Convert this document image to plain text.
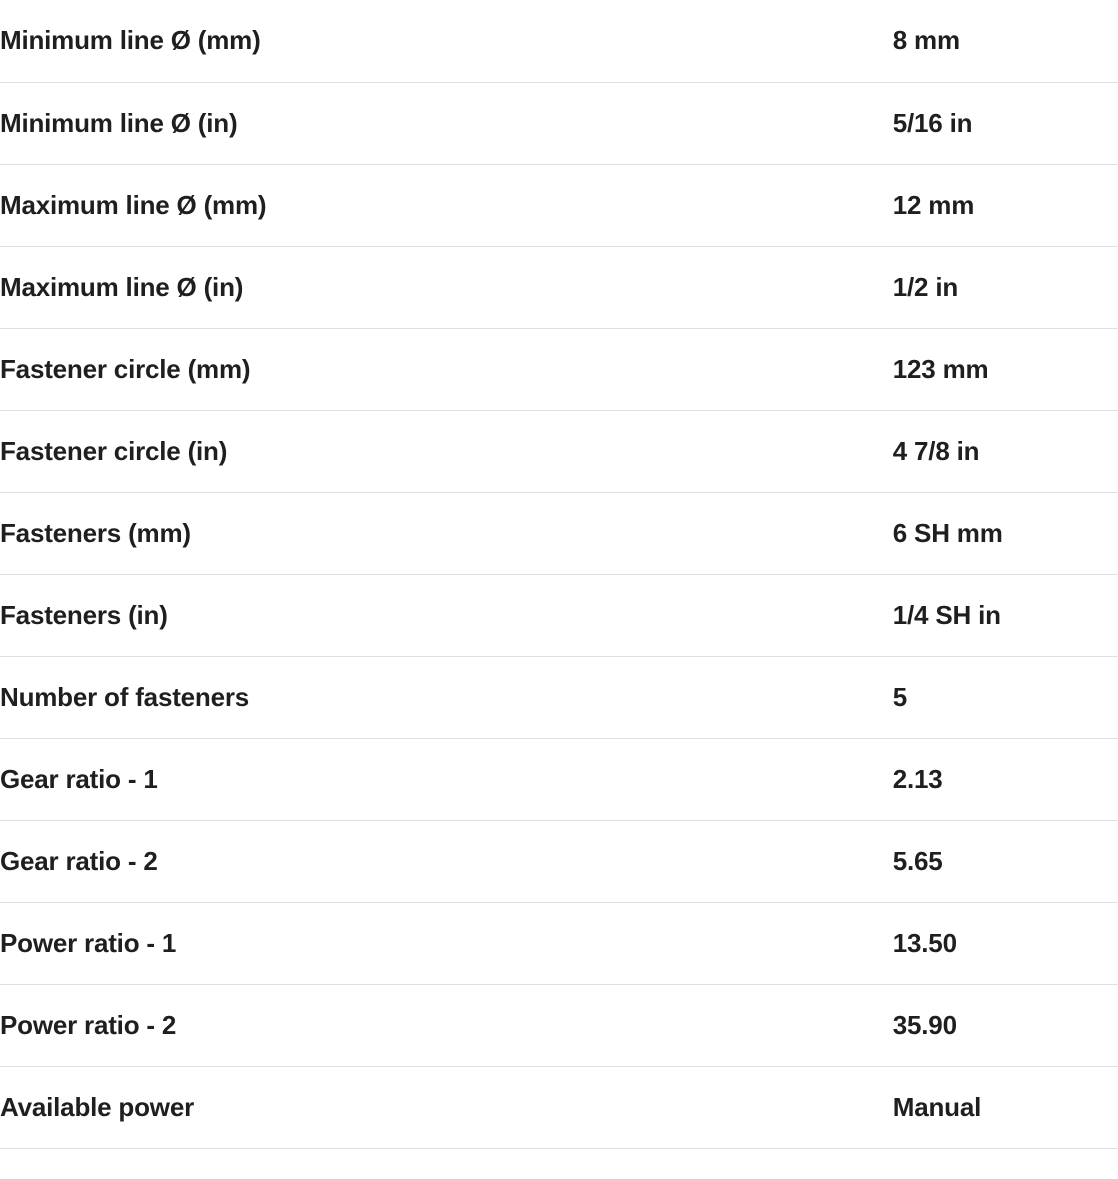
Minimum line Ø (mm)	8 mm
Minimum line Ø (in)	5/16 in
Maximum line Ø (mm)	12 mm
Maximum line Ø (in)	1/2 in
Fastener circle (mm)	123 mm
Fastener circle (in)	4 7/8 in
Fasteners (mm)	6 SH mm
Fasteners (in)	1/4 SH in
Number of fasteners	5
Gear ratio - 1	2.13
Gear ratio - 2	5.65
Power ratio - 1	13.50
Power ratio - 2	35.90
Available power	Manual
